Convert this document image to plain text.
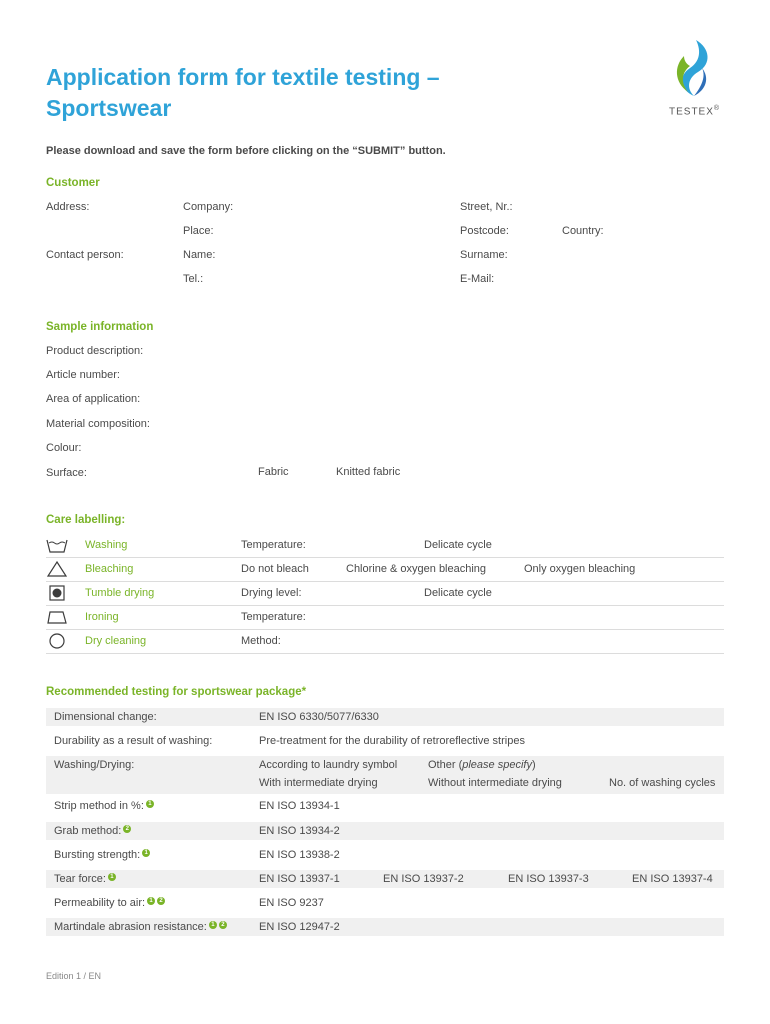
Application form for textile testing –
Sportswear	TESTEX®
Please download and save the form before clicking on the “SUBMIT” button.
Customer
Address:	Company:	Street, Nr.:
Place:	Postcode:	Country:
Contact person:	Name:	Surname:
Tel.:	E-Mail:
Sample information
Product description:
Article number:
Area of application:
Material composition:
Colour:
Surface:	Fabric	Knitted fabric
Care labelling:
Washing	Temperature:	Delicate cycle
Bleaching	Do not bleach	Chlorine & oxygen bleaching	Only oxygen bleaching
Tumble drying	Drying level:	Delicate cycle
Ironing	Temperature:
Dry cleaning	Method:
Recommended testing for sportswear package*
Dimensional change:	EN ISO 6330/5077/6330
Durability as a result of washing:	Pre-treatment for the durability of retroreflective stripes
Washing/Drying:	According to laundry symbol	Other (please specify)
With intermediate drying	Without intermediate drying	No. of washing cycles
Strip method in %: 1	EN ISO 13934-1
Grab method: 2	EN ISO 13934-2
Bursting strength: 1	EN ISO 13938-2
Tear force: 1	EN ISO 13937-1	EN ISO 13937-2	EN ISO 13937-3	EN ISO 13937-4
Permeability to air: 1 2	EN ISO 9237
Martindale abrasion resistance: 1 2	EN ISO 12947-2
Edition 1 / EN
